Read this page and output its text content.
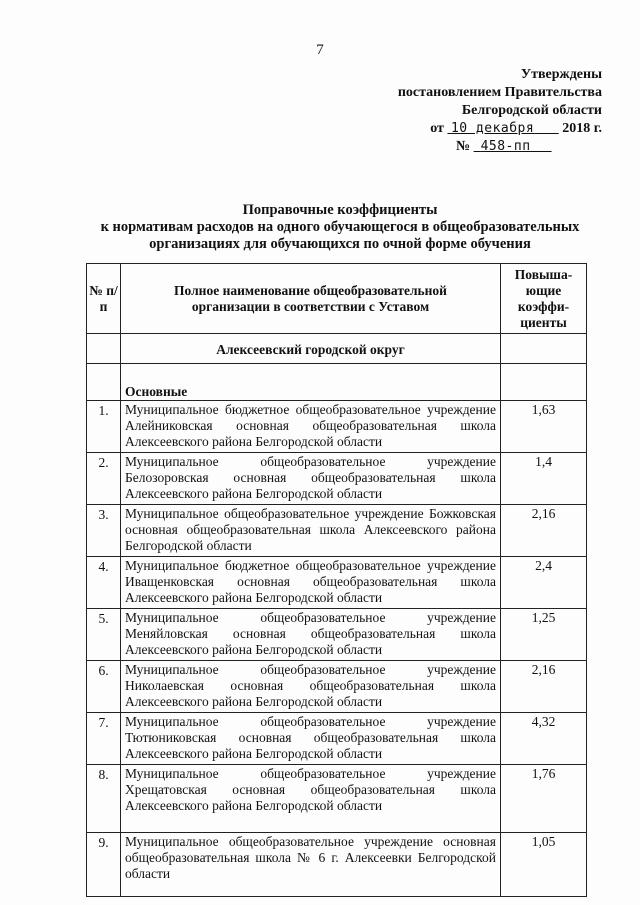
7
Утверждены
постановлением Правительства
Белгородской области
от 10 декабря 2018 г.
№ 458-пп
Поправочные коэффициенты
к нормативам расходов на одного обучающегося в общеобразовательных
организациях для обучающихся по очной форме обучения
№ п/п	Полное наименование общеобразовательной организации в соответствии с Уставом	Повыша-ющие коэффи-циенты
	Алексеевский городской округ	
	Основные	
1.	Муниципальное бюджетное общеобразовательное учреждение Алейниковская основная общеобразовательная школа Алексеевского района Белгородской области	1,63
2.	Муниципальное общеобразовательное учреждение Белозоровская основная общеобразовательная школа Алексеевского района Белгородской области	1,4
3.	Муниципальное общеобразовательное учреждение Божковская основная общеобразовательная школа Алексеевского района Белгородской области	2,16
4.	Муниципальное бюджетное общеобразовательное учреждение Иващенковская основная общеобразовательная школа Алексеевского района Белгородской области	2,4
5.	Муниципальное общеобразовательное учреждение Меняйловская основная общеобразовательная школа Алексеевского района Белгородской области	1,25
6.	Муниципальное общеобразовательное учреждение Николаевская основная общеобразовательная школа Алексеевского района Белгородской области	2,16
7.	Муниципальное общеобразовательное учреждение Тютюниковская основная общеобразовательная школа Алексеевского района Белгородской области	4,32
8.	Муниципальное общеобразовательное учреждение Хрещатовская основная общеобразовательная школа Алексеевского района Белгородской области	1,76
9.	Муниципальное общеобразовательное учреждение основная общеобразовательная школа № 6 г. Алексеевки Белгородской области	1,05
